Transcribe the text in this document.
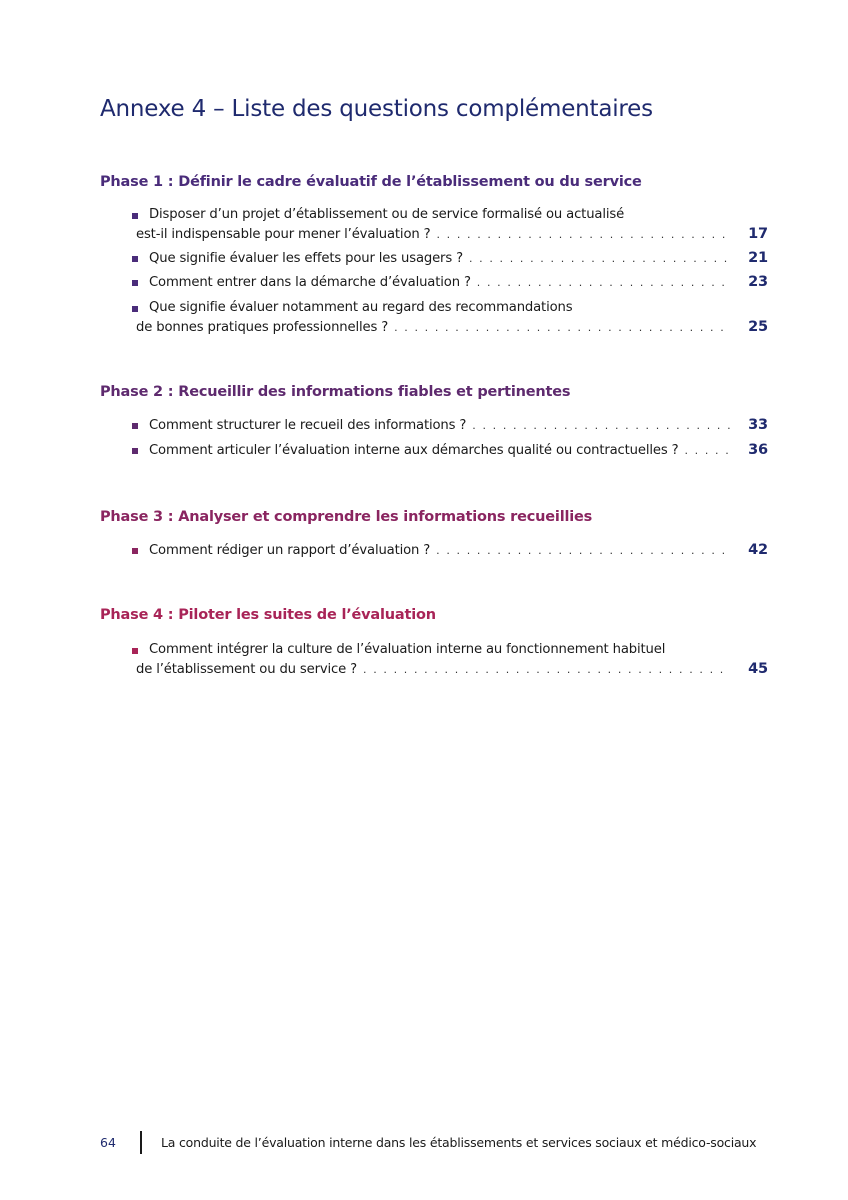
Annexe 4 – Liste des questions complémentaires
Phase 1 : Définir le cadre évaluatif de l’établissement ou du service
Disposer d’un projet d’établissement ou de service formalisé ou actualisé
est-il indispensable pour mener l’évaluation ? . . .	17
Que signifie évaluer les effets pour les usagers ? . . .	21
Comment entrer dans la démarche d’évaluation ? . . .	23
Que signifie évaluer notamment au regard des recommandations
de bonnes pratiques professionnelles ? . . .	25
Phase 2 : Recueillir des informations fiables et pertinentes
Comment structurer le recueil des informations ? . . .	33
Comment articuler l’évaluation interne aux démarches qualité ou contractuelles ? . . .	36
Phase 3 : Analyser et comprendre les informations recueillies
Comment rédiger un rapport d’évaluation ? . . .	42
Phase 4 : Piloter les suites de l’évaluation
Comment intégrer la culture de l’évaluation interne au fonctionnement habituel
de l’établissement ou du service ? . . .	45
64	La conduite de l’évaluation interne dans les établissements et services sociaux et médico-sociaux
